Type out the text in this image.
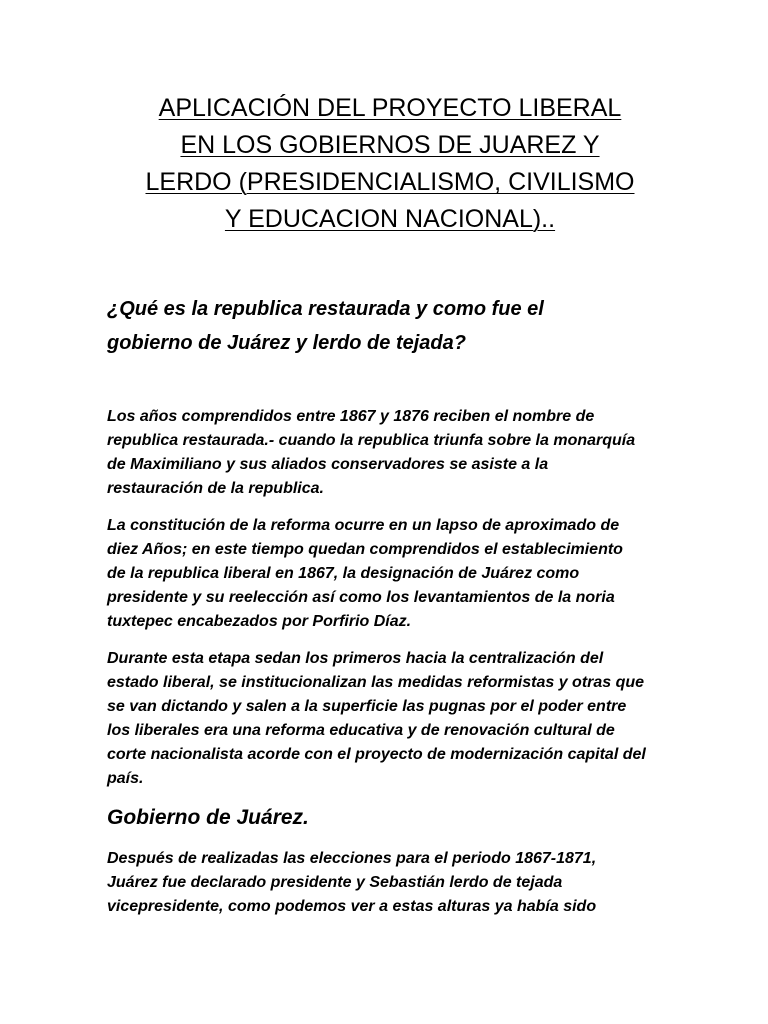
APLICACIÓN DEL PROYECTO LIBERAL
EN LOS GOBIERNOS DE JUAREZ Y
LERDO (PRESIDENCIALISMO, CIVILISMO
Y EDUCACION NACIONAL)..
¿Qué es la republica restaurada y como fue el
gobierno de Juárez y lerdo de tejada?

Los años comprendidos entre 1867 y 1876 reciben el nombre de
republica restaurada.- cuando la republica triunfa sobre la monarquía
de Maximiliano y sus aliados conservadores se asiste a la
restauración de la republica.

La constitución de la reforma ocurre en un lapso de aproximado de
diez Años; en este tiempo quedan comprendidos el establecimiento
de la republica liberal en 1867, la designación de Juárez como
presidente y su reelección así como los levantamientos de la noria
tuxtepec encabezados por Porfirio Díaz.

Durante esta etapa sedan los primeros hacia la centralización del
estado liberal, se institucionalizan las medidas reformistas y otras que
se van dictando y salen a la superficie las pugnas por el poder entre
los liberales era una reforma educativa y de renovación cultural de
corte nacionalista acorde con el proyecto de modernización capital del
país.

Gobierno de Juárez.

Después de realizadas las elecciones para el periodo 1867-1871,
Juárez fue declarado presidente y Sebastián lerdo de tejada
vicepresidente, como podemos ver a estas alturas ya había sido
